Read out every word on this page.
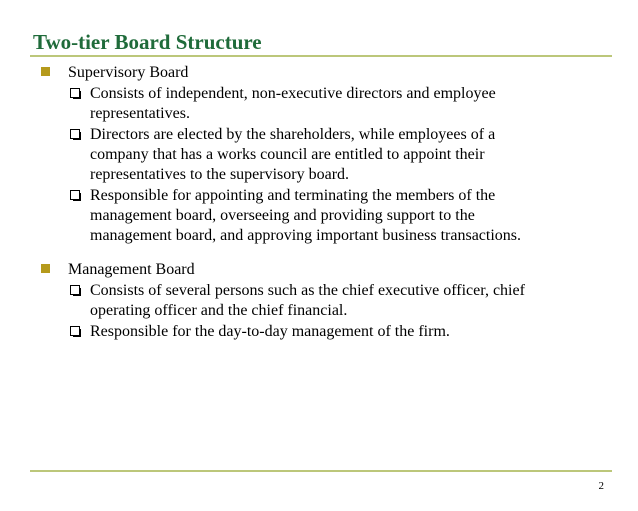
Two-tier Board Structure
Supervisory Board
Consists of independent, non-executive directors and employee
representatives.
Directors are elected by the shareholders, while employees of a
company that has a works council are entitled to appoint their
representatives to the supervisory board.
Responsible for appointing and terminating the members of the
management board, overseeing and providing support to the
management board, and approving important business transactions.
Management Board
Consists of several persons such as the chief executive officer, chief
operating officer and the chief financial.
Responsible for the day-to-day management of the firm.
2
